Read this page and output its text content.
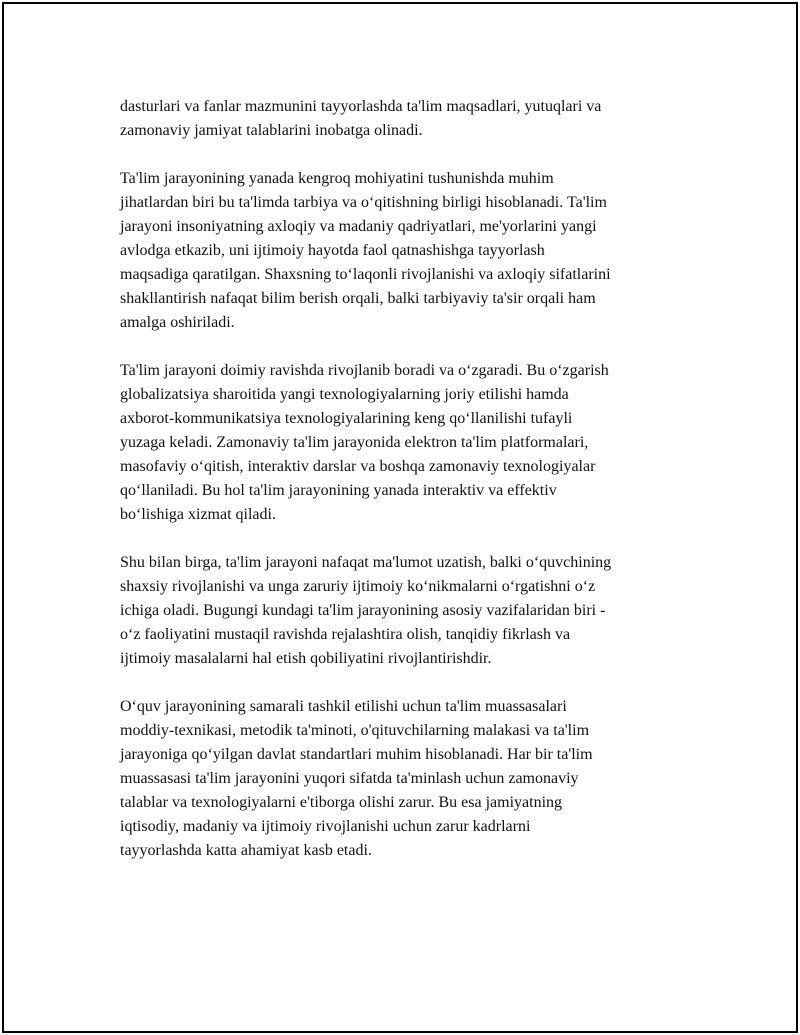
dasturlari va fanlar mazmunini tayyorlashda ta'lim maqsadlari, yutuqlari va
zamonaviy jamiyat talablarini inobatga olinadi.

Ta'lim jarayonining yanada kengroq mohiyatini tushunishda muhim
jihatlardan biri bu ta'limda tarbiya va o‘qitishning birligi hisoblanadi. Ta'lim
jarayoni insoniyatning axloqiy va madaniy qadriyatlari, me'yorlarini yangi
avlodga etkazib, uni ijtimoiy hayotda faol qatnashishga tayyorlash
maqsadiga qaratilgan. Shaxsning to‘laqonli rivojlanishi va axloqiy sifatlarini
shakllantirish nafaqat bilim berish orqali, balki tarbiyaviy ta'sir orqali ham
amalga oshiriladi.

Ta'lim jarayoni doimiy ravishda rivojlanib boradi va o‘zgaradi. Bu o‘zgarish
globalizatsiya sharoitida yangi texnologiyalarning joriy etilishi hamda
axborot-kommunikatsiya texnologiyalarining keng qo‘llanilishi tufayli
yuzaga keladi. Zamonaviy ta'lim jarayonida elektron ta'lim platformalari,
masofaviy o‘qitish, interaktiv darslar va boshqa zamonaviy texnologiyalar
qo‘llaniladi. Bu hol ta'lim jarayonining yanada interaktiv va effektiv
bo‘lishiga xizmat qiladi.

Shu bilan birga, ta'lim jarayoni nafaqat ma'lumot uzatish, balki o‘quvchining
shaxsiy rivojlanishi va unga zaruriy ijtimoiy ko‘nikmalarni o‘rgatishni o‘z
ichiga oladi. Bugungi kundagi ta'lim jarayonining asosiy vazifalaridan biri -
o‘z faoliyatini mustaqil ravishda rejalashtira olish, tanqidiy fikrlash va
ijtimoiy masalalarni hal etish qobiliyatini rivojlantirishdir.

O‘quv jarayonining samarali tashkil etilishi uchun ta'lim muassasalari
moddiy-texnikasi, metodik ta'minoti, o'qituvchilarning malakasi va ta'lim
jarayoniga qo‘yilgan davlat standartlari muhim hisoblanadi. Har bir ta'lim
muassasasi ta'lim jarayonini yuqori sifatda ta'minlash uchun zamonaviy
talablar va texnologiyalarni e'tiborga olishi zarur. Bu esa jamiyatning
iqtisodiy, madaniy va ijtimoiy rivojlanishi uchun zarur kadrlarni
tayyorlashda katta ahamiyat kasb etadi.
